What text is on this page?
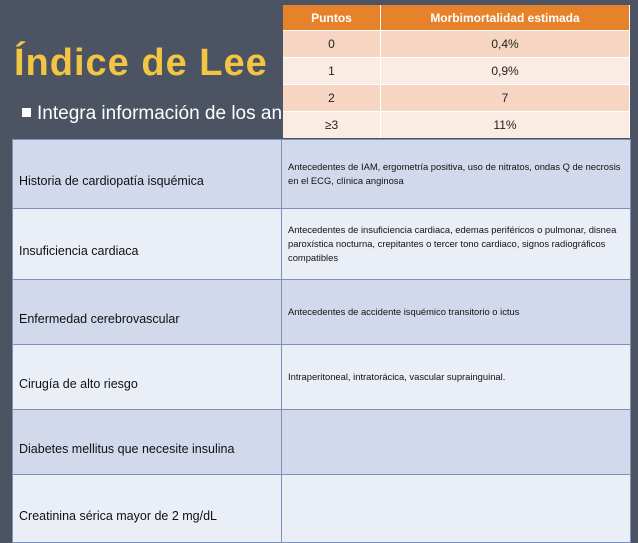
Índice de Lee
Integra información de los an
Puntos	Morbimortalidad estimada
0	0,4%
1	0,9%
2	7
≥3	11%
Historia de cardiopatía isquémica	Antecedentes de IAM, ergometría positiva, uso de nitratos, ondas Q de necrosis en el ECG, clínica anginosa
Insuficiencia cardiaca	Antecedentes de insuficiencia cardiaca, edemas periféricos o pulmonar, disnea paroxística nocturna, crepitantes o tercer tono cardiaco, signos radiográficos compatibles
Enfermedad cerebrovascular	Antecedentes de accidente isquémico transitorio o ictus
Cirugía de alto riesgo	Intraperitoneal, intratorácica, vascular suprainguinal.
Diabetes mellitus que necesite insulina	
Creatinina sérica mayor de 2 mg/dL	
